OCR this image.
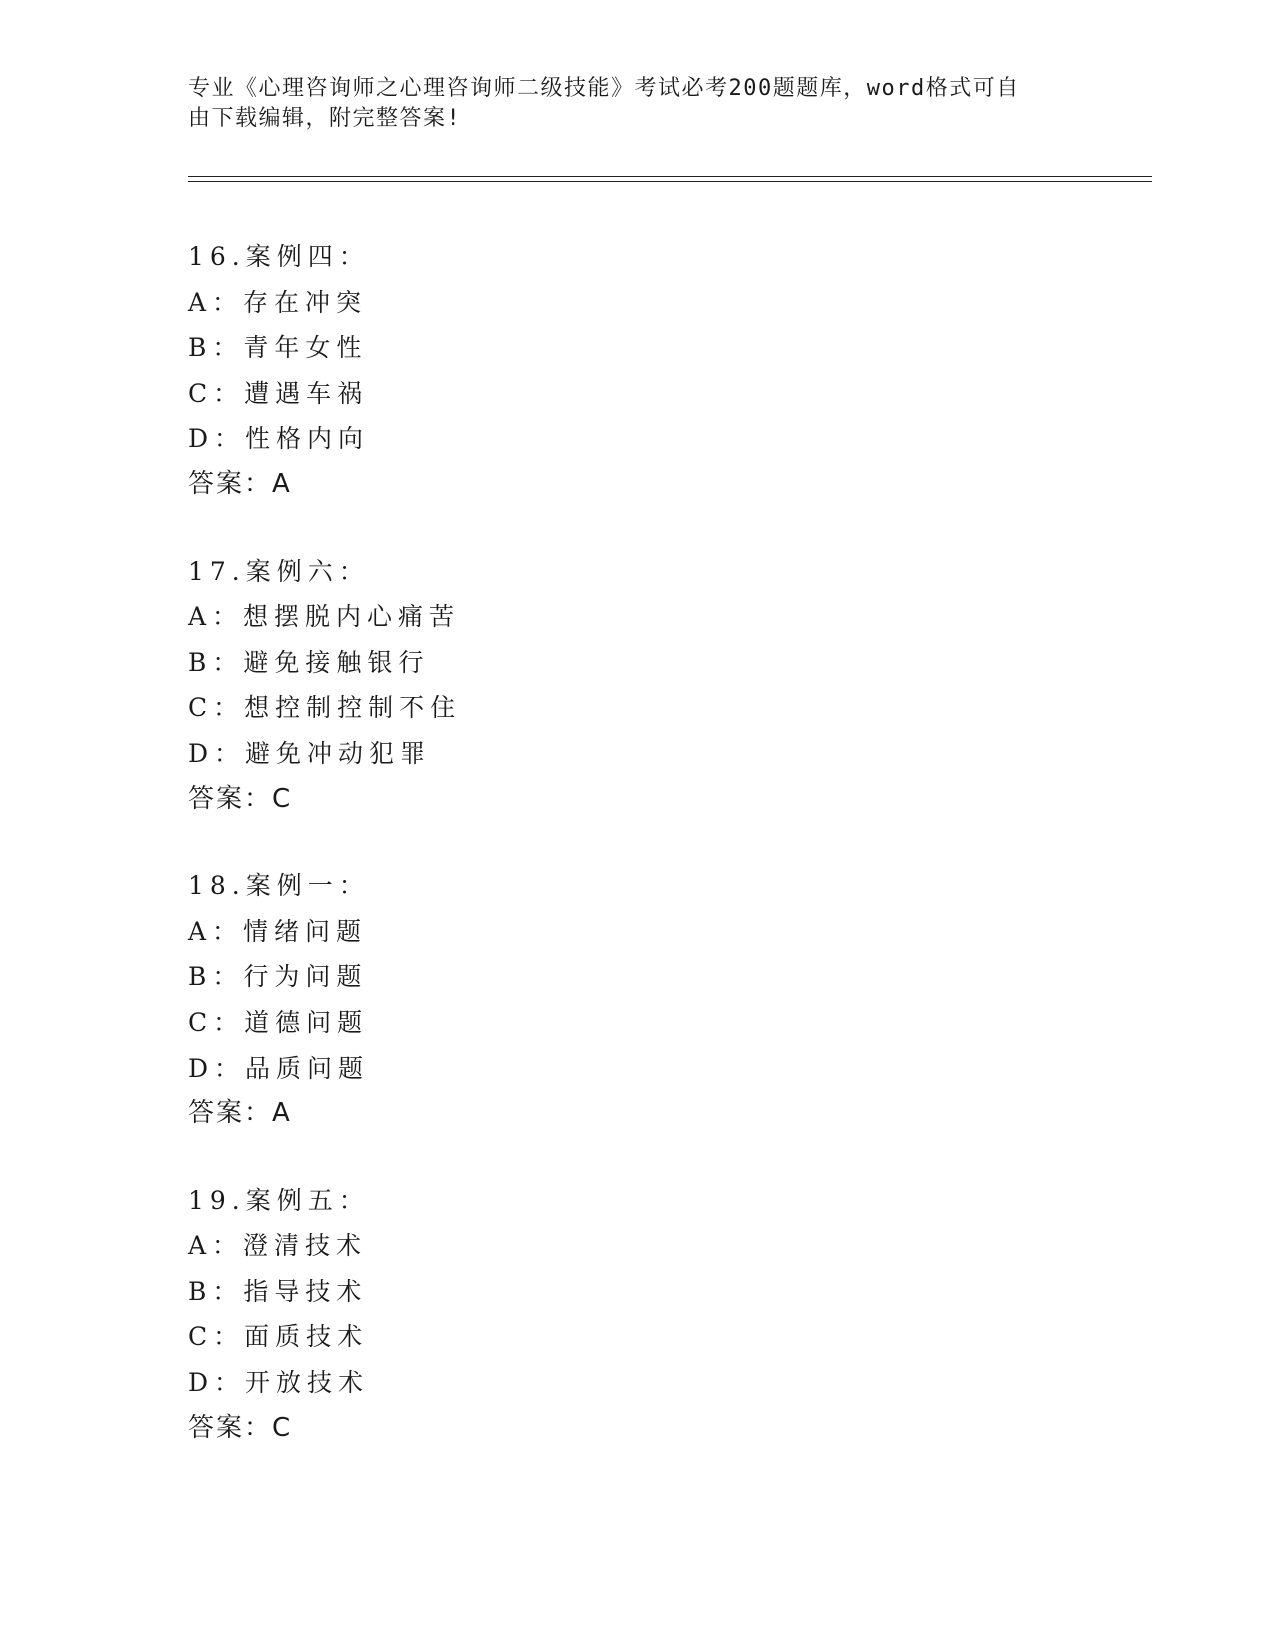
专业《心理咨询师之心理咨询师二级技能》考试必考200题题库，word格式可自
由下载编辑，附完整答案!
16.案例四：
A：存在冲突
B：青年女性
C：遭遇车祸
D：性格内向
答案：A
17.案例六：
A：想摆脱内心痛苦
B：避免接触银行
C：想控制控制不住
D：避免冲动犯罪
答案：C
18.案例一：
A：情绪问题
B：行为问题
C：道德问题
D：品质问题
答案：A
19.案例五：
A：澄清技术
B：指导技术
C：面质技术
D：开放技术
答案：C
